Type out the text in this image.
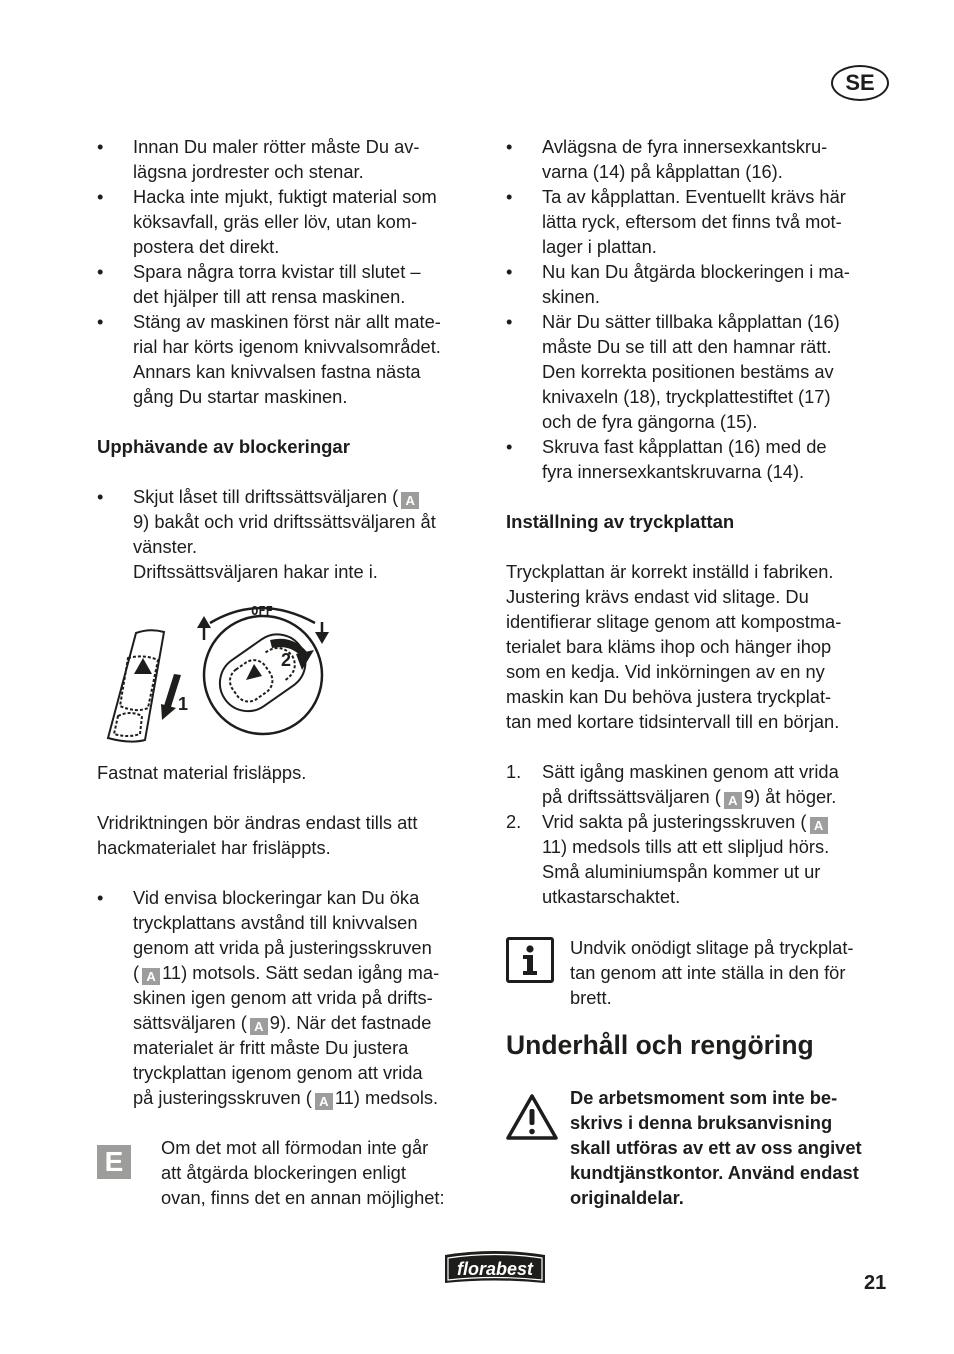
SE
• Innan Du maler rötter måste Du av-
lägsna jordrester och stenar.
• Hacka inte mjukt, fuktigt material som
köksavfall, gräs eller löv, utan kom-
postera det direkt.
• Spara några torra kvistar till slutet –
det hjälper till att rensa maskinen.
• Stäng av maskinen först när allt mate-
rial har körts igenom knivvalsområdet.
Annars kan knivvalsen fastna nästa
gång Du startar maskinen.
Upphävande av blockeringar
• Skjut låset till driftssättsväljaren ( A
9) bakåt och vrid driftssättsväljaren åt
vänster.
Driftssättsväljaren hakar inte i.
OFF
1
2
Fastnat material frisläpps.
Vridriktningen bör ändras endast tills att
hackmaterialet har frisläppts.
• Vid envisa blockeringar kan Du öka
tryckplattans avstånd till knivvalsen
genom att vrida på justeringsskruven
( A 11) motsols. Sätt sedan igång ma-
skinen igen genom att vrida på drifts-
sättsväljaren ( A 9). När det fastnade
materialet är fritt måste Du justera
tryckplattan igenom genom att vrida
på justeringsskruven ( A 11) medsols.
E	Om det mot all förmodan inte går
att åtgärda blockeringen enligt
ovan, finns det en annan möjlighet:
• Avlägsna de fyra innersexkantskru-
varna (14) på kåpplattan (16).
• Ta av kåpplattan. Eventuellt krävs här
lätta ryck, eftersom det finns två mot-
lager i plattan.
• Nu kan Du åtgärda blockeringen i ma-
skinen.
• När Du sätter tillbaka kåpplattan (16)
måste Du se till att den hamnar rätt.
Den korrekta positionen bestäms av
knivaxeln (18), tryckplattestiftet (17)
och de fyra gängorna (15).
• Skruva fast kåpplattan (16) med de
fyra innersexkantskruvarna (14).
Inställning av tryckplattan
Tryckplattan är korrekt inställd i fabriken.
Justering krävs endast vid slitage. Du
identifierar slitage genom att kompostma-
terialet bara kläms ihop och hänger ihop
som en kedja. Vid inkörningen av en ny
maskin kan Du behöva justera tryckplat-
tan med kortare tidsintervall till en början.
1. Sätt igång maskinen genom att vrida
på driftssättsväljaren ( A 9) åt höger.
2. Vrid sakta på justeringsskruven ( A
11) medsols tills att ett slipljud hörs.
Små aluminiumspån kommer ut ur
utkastarschaktet.
Undvik onödigt slitage på tryckplat-
tan genom att inte ställa in den för
brett.
Underhåll och rengöring
De arbetsmoment som inte be-
skrivs i denna bruksanvisning
skall utföras av ett av oss angivet
kundtjänstkontor. Använd endast
originaldelar.
florabest
21
